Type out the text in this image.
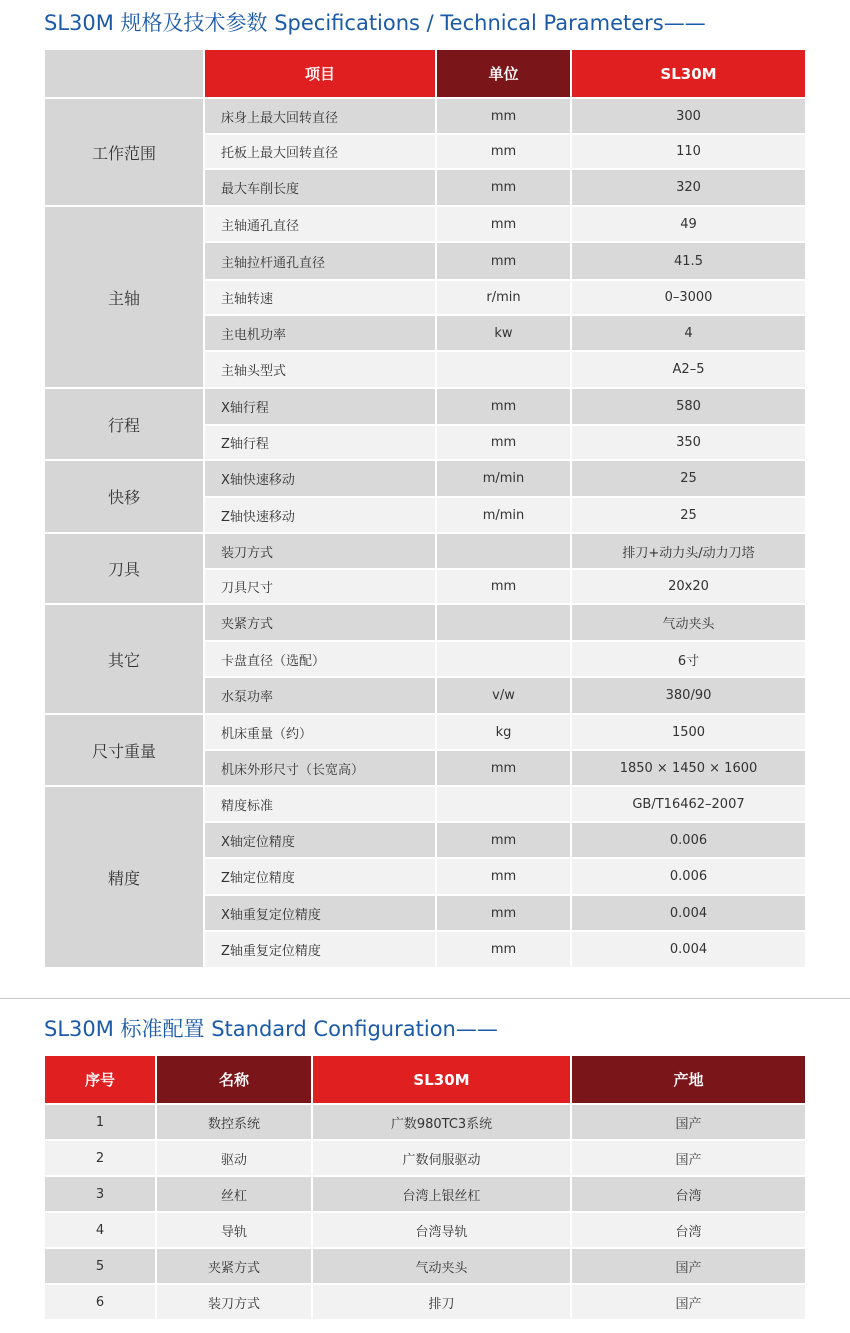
SL30M 规格及技术参数 Specifications / Technical Parameters——
	项目	单位	SL30M
工作范围	床身上最大回转直径	mm	300
	托板上最大回转直径	mm	110
	最大车削长度	mm	320
主轴	主轴通孔直径	mm	49
	主轴拉杆通孔直径	mm	41.5
	主轴转速	r/min	0–3000
	主电机功率	kw	4
	主轴头型式		A2–5
行程	X轴行程	mm	580
	Z轴行程	mm	350
快移	X轴快速移动	m/min	25
	Z轴快速移动	m/min	25
刀具	装刀方式		排刀+动力头/动力刀塔
	刀具尺寸	mm	20x20
其它	夹紧方式		气动夹头
	卡盘直径（选配）		6寸
	水泵功率	v/w	380/90
尺寸重量	机床重量（约）	kg	1500
	机床外形尺寸（长宽高）	mm	1850 × 1450 × 1600
精度	精度标准		GB/T16462–2007
	X轴定位精度	mm	0.006
	Z轴定位精度	mm	0.006
	X轴重复定位精度	mm	0.004
	Z轴重复定位精度	mm	0.004
SL30M 标准配置 Standard Configuration——
序号	名称	SL30M	产地
1	数控系统	广数980TC3系统	国产
2	驱动	广数伺服驱动	国产
3	丝杠	台湾上银丝杠	台湾
4	导轨	台湾导轨	台湾
5	夹紧方式	气动夹头	国产
6	装刀方式	排刀	国产
